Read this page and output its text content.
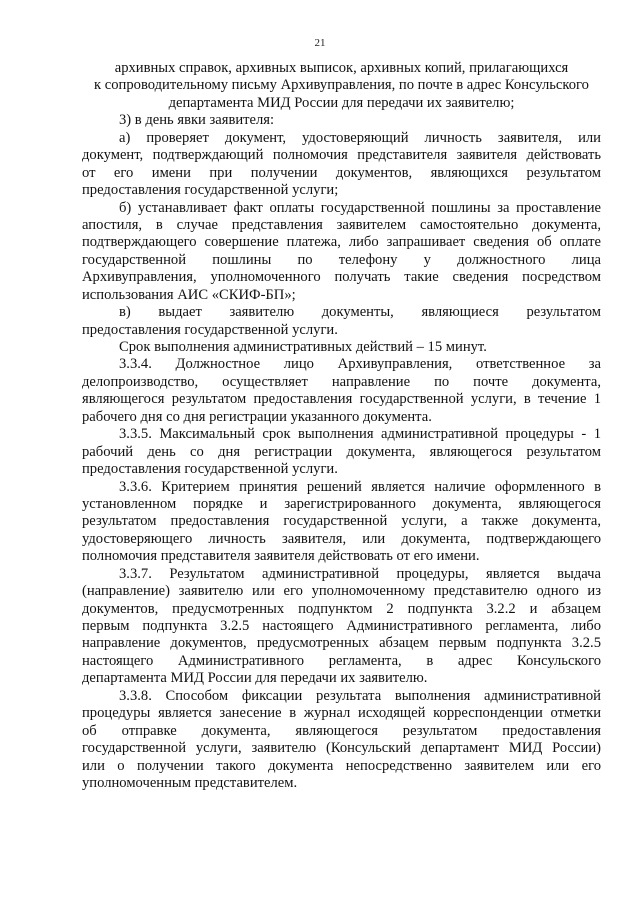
21
архивных справок, архивных выписок, архивных копий, прилагающихся
к сопроводительному письму Архивуправления, по почте в адрес Консульского
департамента МИД России для передачи их заявителю;
3) в день явки заявителя:
а) проверяет документ, удостоверяющий личность заявителя, или
документ, подтверждающий полномочия представителя заявителя действовать
от его имени при получении документов, являющихся результатом
предоставления государственной услуги;
б) устанавливает факт оплаты государственной пошлины за проставление
апостиля, в случае представления заявителем самостоятельно документа,
подтверждающего совершение платежа, либо запрашивает сведения об оплате
государственной пошлины по телефону у должностного лица
Архивуправления, уполномоченного получать такие сведения посредством
использования АИС «СКИФ-БП»;
в) выдает заявителю документы, являющиеся результатом
предоставления государственной услуги.
Срок выполнения административных действий – 15 минут.
3.3.4. Должностное лицо Архивуправления, ответственное за
делопроизводство, осуществляет направление по почте документа,
являющегося результатом предоставления государственной услуги, в течение 1
рабочего дня со дня регистрации указанного документа.
3.3.5. Максимальный срок выполнения административной процедуры - 1
рабочий день со дня регистрации документа, являющегося результатом
предоставления государственной услуги.
3.3.6. Критерием принятия решений является наличие оформленного в
установленном порядке и зарегистрированного документа, являющегося
результатом предоставления государственной услуги, а также документа,
удостоверяющего личность заявителя, или документа, подтверждающего
полномочия представителя заявителя действовать от его имени.
3.3.7. Результатом административной процедуры, является выдача
(направление) заявителю или его уполномоченному представителю одного из
документов, предусмотренных подпунктом 2 подпункта 3.2.2 и абзацем
первым подпункта 3.2.5 настоящего Административного регламента, либо
направление документов, предусмотренных абзацем первым подпункта 3.2.5
настоящего Административного регламента, в адрес Консульского
департамента МИД России для передачи их заявителю.
3.3.8. Способом фиксации результата выполнения административной
процедуры является занесение в журнал исходящей корреспонденции отметки
об отправке документа, являющегося результатом предоставления
государственной услуги, заявителю (Консульский департамент МИД России)
или о получении такого документа непосредственно заявителем или его
уполномоченным представителем.
